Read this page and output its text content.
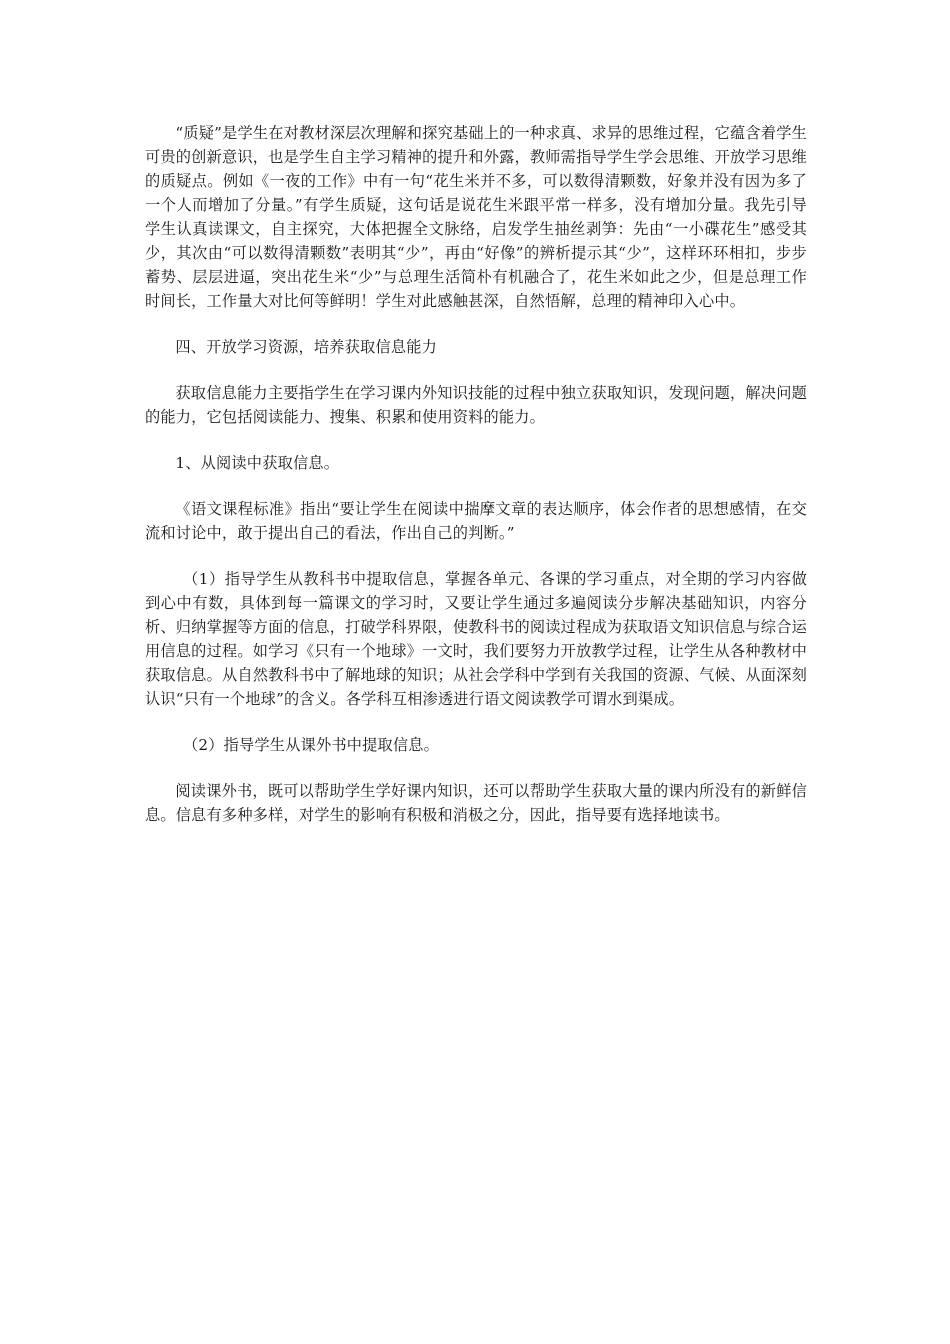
“质疑”是学生在对教材深层次理解和探究基础上的一种求真、求异的思维过程，它蕴含着学生可贵的创新意识，也是学生自主学习精神的提升和外露，教师需指导学生学会思维、开放学习思维的质疑点。例如《一夜的工作》中有一句“花生米并不多，可以数得清颗数，好象并没有因为多了一个人而增加了分量。”有学生质疑，这句话是说花生米跟平常一样多，没有增加分量。我先引导学生认真读课文，自主探究，大体把握全文脉络，启发学生抽丝剥笋：先由“一小碟花生”感受其少，其次由“可以数得清颗数”表明其“少”，再由“好像”的辨析提示其“少”，这样环环相扣，步步蓄势、层层进逼，突出花生米“少”与总理生活简朴有机融合了，花生米如此之少，但是总理工作时间长，工作量大对比何等鲜明！学生对此感触甚深，自然悟解，总理的精神印入心中。

四、开放学习资源，培养获取信息能力

获取信息能力主要指学生在学习课内外知识技能的过程中独立获取知识，发现问题，解决问题的能力，它包括阅读能力、搜集、积累和使用资料的能力。

1、从阅读中获取信息。

《语文课程标准》指出“要让学生在阅读中揣摩文章的表达顺序，体会作者的思想感情，在交流和讨论中，敢于提出自己的看法，作出自己的判断。”

（1）指导学生从教科书中提取信息，掌握各单元、各课的学习重点，对全期的学习内容做到心中有数，具体到每一篇课文的学习时，又要让学生通过多遍阅读分步解决基础知识，内容分析、归纳掌握等方面的信息，打破学科界限，使教科书的阅读过程成为获取语文知识信息与综合运用信息的过程。如学习《只有一个地球》一文时，我们要努力开放教学过程，让学生从各种教材中获取信息。从自然教科书中了解地球的知识；从社会学科中学到有关我国的资源、气候、从面深刻认识“只有一个地球”的含义。各学科互相渗透进行语文阅读教学可谓水到渠成。

（2）指导学生从课外书中提取信息。

阅读课外书，既可以帮助学生学好课内知识，还可以帮助学生获取大量的课内所没有的新鲜信息。信息有多种多样，对学生的影响有积极和消极之分，因此，指导要有选择地读书。
